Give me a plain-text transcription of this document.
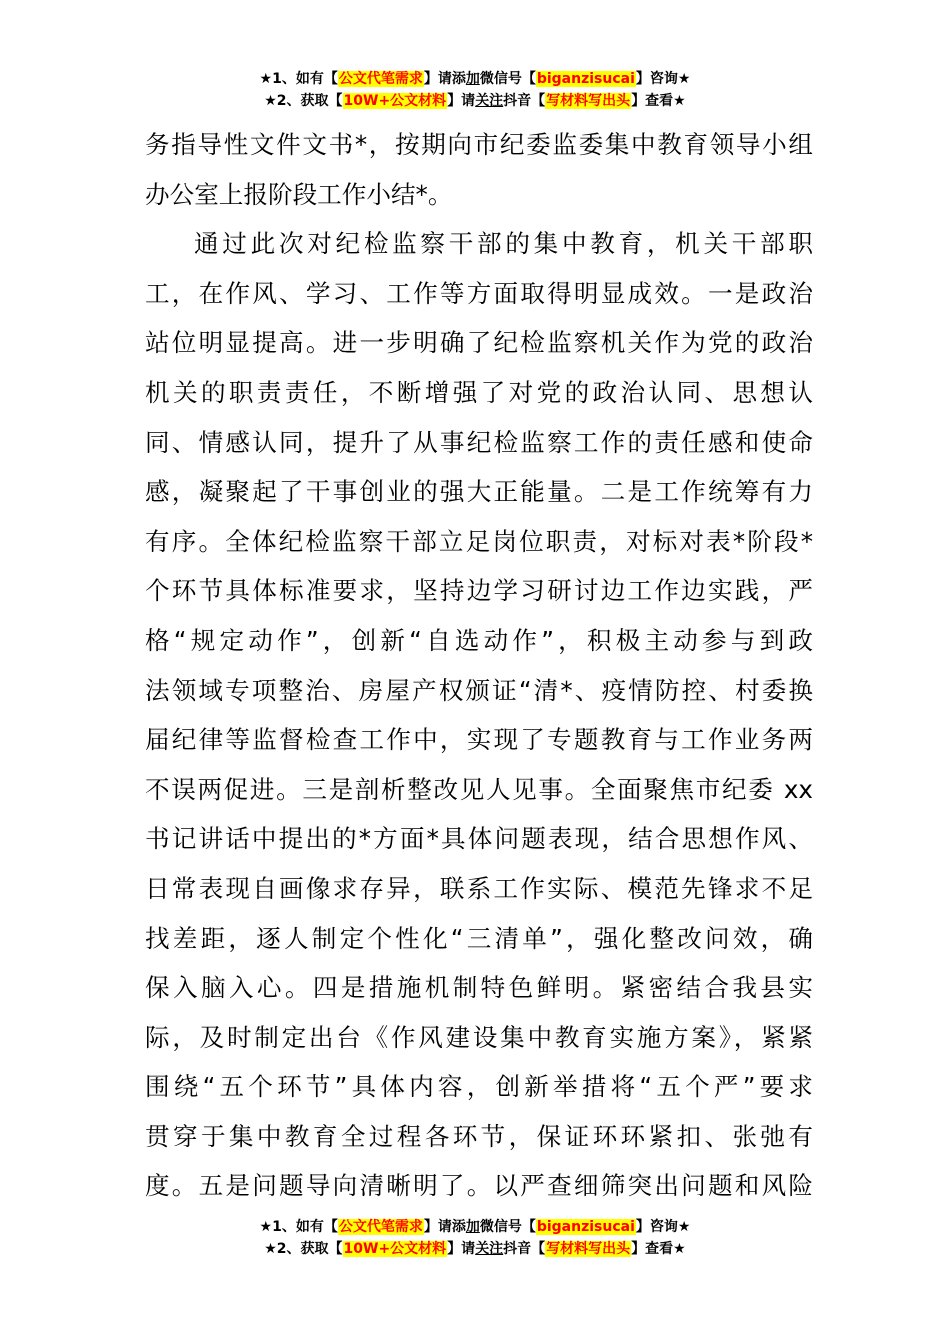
★1、如有【公文代笔需求】请添加微信号【biganzisucai】咨询★
★2、获取【10W+公文材料】请关注抖音【写材料写出头】查看★
务指导性文件文书*，按期向市纪委监委集中教育领导小组
办公室上报阶段工作小结*。
通过此次对纪检监察干部的集中教育，机关干部职
工，在作风、学习、工作等方面取得明显成效。一是政治
站位明显提高。进一步明确了纪检监察机关作为党的政治
机关的职责责任，不断增强了对党的政治认同、思想认
同、情感认同，提升了从事纪检监察工作的责任感和使命
感，凝聚起了干事创业的强大正能量。二是工作统筹有力
有序。全体纪检监察干部立足岗位职责，对标对表*阶段*
个环节具体标准要求，坚持边学习研讨边工作边实践，严
格“规定动作”，创新“自选动作”，积极主动参与到政
法领域专项整治、房屋产权颁证“清*、疫情防控、村委换
届纪律等监督检查工作中，实现了专题教育与工作业务两
不误两促进。三是剖析整改见人见事。全面聚焦市纪委 xx
书记讲话中提出的*方面*具体问题表现，结合思想作风、
日常表现自画像求存异，联系工作实际、模范先锋求不足
找差距，逐人制定个性化“三清单”，强化整改问效，确
保入脑入心。四是措施机制特色鲜明。紧密结合我县实
际，及时制定出台《作风建设集中教育实施方案》，紧紧
围绕“五个环节”具体内容，创新举措将“五个严”要求
贯穿于集中教育全过程各环节，保证环环紧扣、张弛有
度。五是问题导向清晰明了。以严查细筛突出问题和风险
★1、如有【公文代笔需求】请添加微信号【biganzisucai】咨询★
★2、获取【10W+公文材料】请关注抖音【写材料写出头】查看★
